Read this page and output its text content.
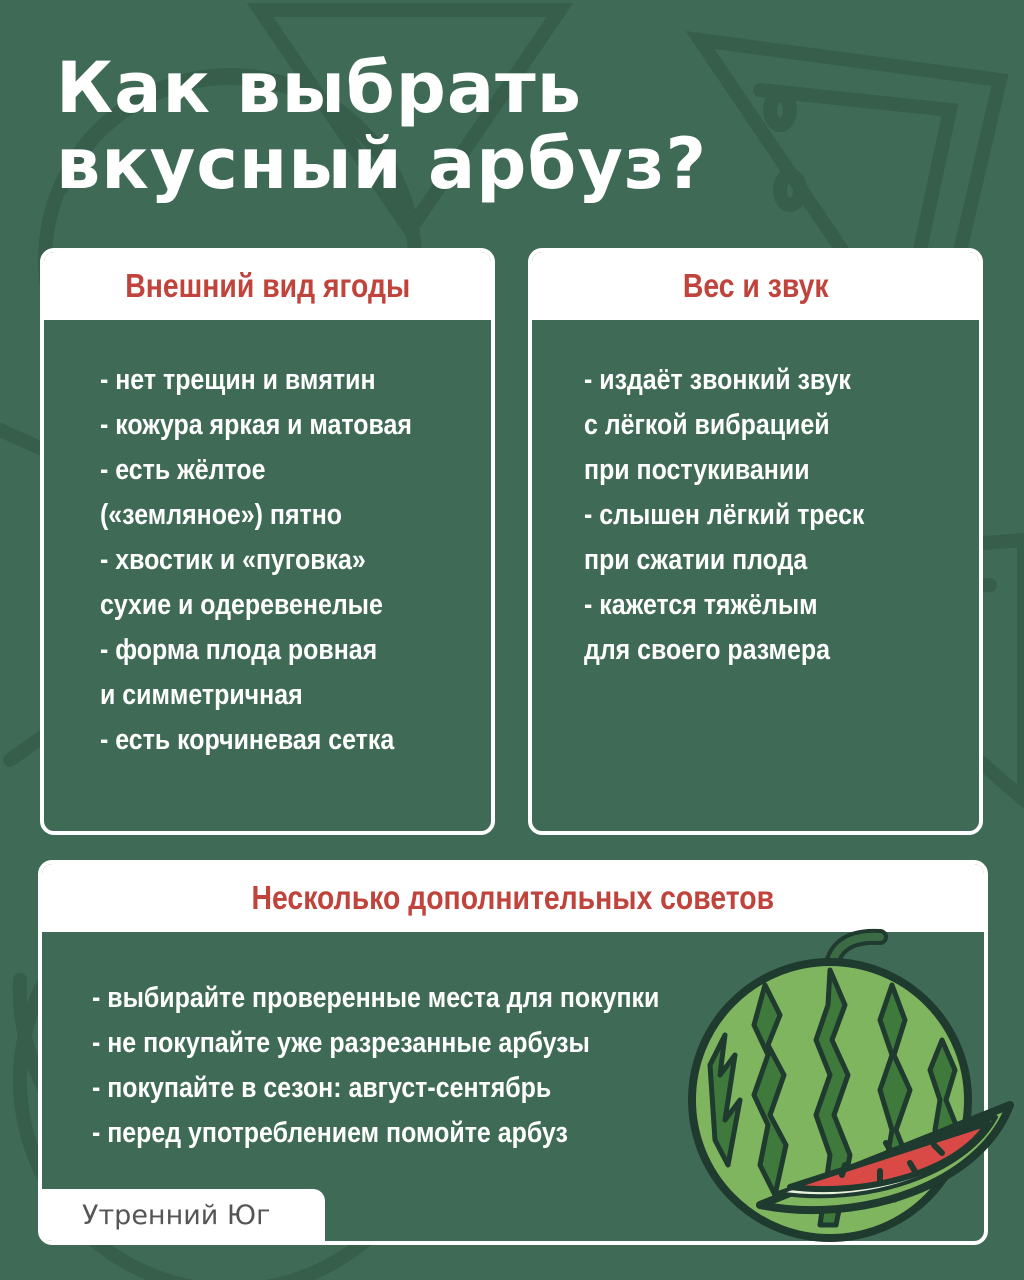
Как выбрать
вкусный арбуз?
Внешний вид ягоды
- нет трещин и вмятин
- кожура яркая и матовая
- есть жёлтое
(«земляное») пятно
- хвостик и «пуговка»
сухие и одеревенелые
- форма плода ровная
и симметричная
- есть корчиневая сетка
Вес и звук
- издаёт звонкий звук
с лёгкой вибрацией
при постукивании
- слышен лёгкий треск
при сжатии плода
- кажется тяжёлым
для своего размера
Несколько дополнительных советов
- выбирайте проверенные места для покупки
- не покупайте уже разрезанные арбузы
- покупайте в сезон: август-сентябрь
- перед употреблением помойте арбуз
Утренний Юг
